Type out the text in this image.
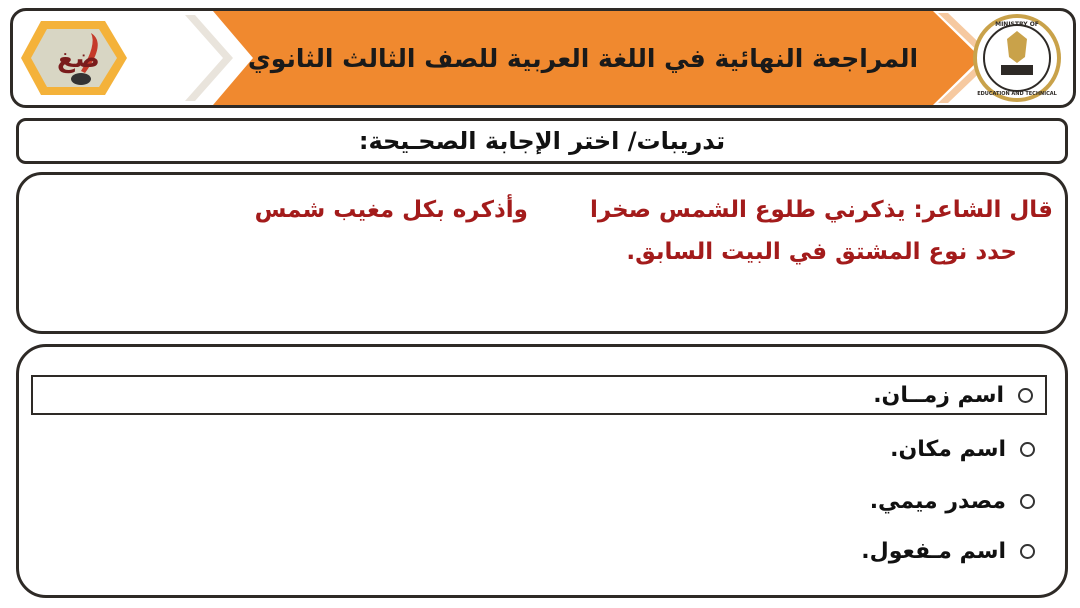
ضغ
MINISTRY OF
EDUCATION AND TECHNICAL
المراجعة النهائية في اللغة العربية للصف الثالث الثانوي
تدريبات/ اختر الإجابة الصحـيحة:
قال الشاعر: يذكرني طلوع الشمس صخراوأذكره بكل مغيب شمس
حدد نوع المشتق في البيت السابق.
اسم زمــان.
اسم مكان.
مصدر ميمي.
اسم مـفعول.
